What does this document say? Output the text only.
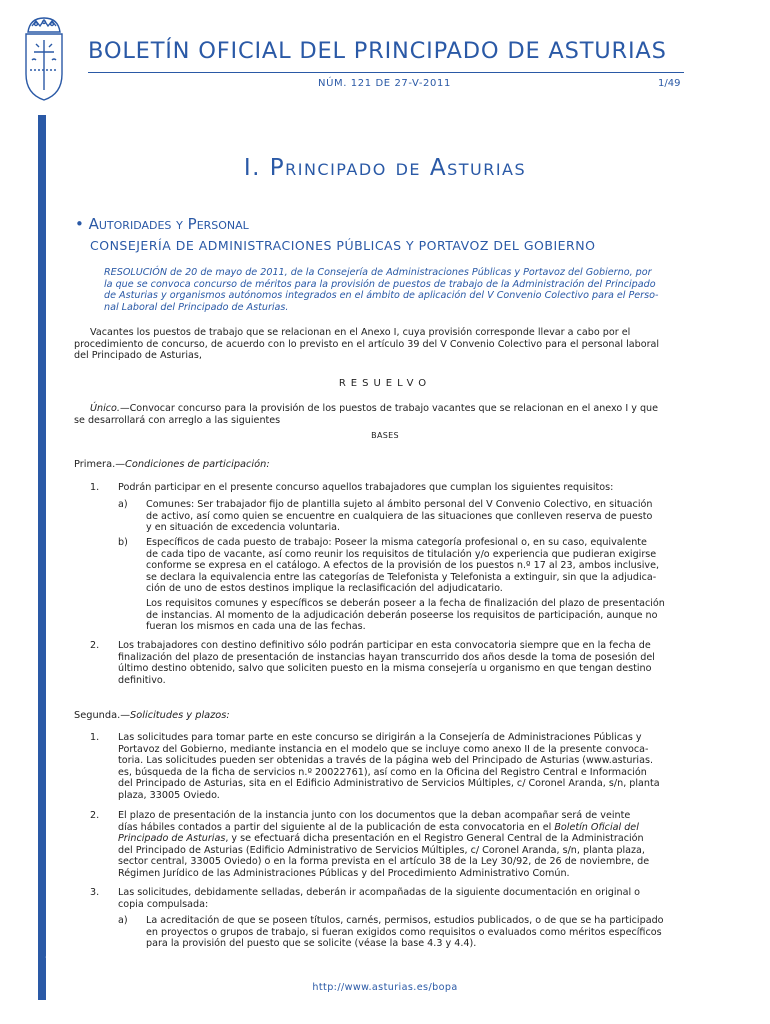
BOLETÍN OFICIAL DEL PRINCIPADO DE ASTURIAS
NÚM. 121 DE 27-V-2011	1/49
Cód. 2011-10640
I. Principado de Asturias
• Autoridades y Personal
CONSEJERÍA DE ADMINISTRACIONES PÚBLICAS Y PORTAVOZ DEL GOBIERNO
RESOLUCIÓN de 20 de mayo de 2011, de la Consejería de Administraciones Públicas y Portavoz del Gobierno, por
la que se convoca concurso de méritos para la provisión de puestos de trabajo de la Administración del Principado
de Asturias y organismos autónomos integrados en el ámbito de aplicación del V Convenio Colectivo para el Perso-
nal Laboral del Principado de Asturias.
Vacantes los puestos de trabajo que se relacionan en el Anexo I, cuya provisión corresponde llevar a cabo por el
procedimiento de concurso, de acuerdo con lo previsto en el artículo 39 del V Convenio Colectivo para el personal laboral
del Principado de Asturias,
RESUELVO
Único.—Convocar concurso para la provisión de los puestos de trabajo vacantes que se relacionan en el anexo I y que
se desarrollará con arreglo a las siguientes
BASES
Primera.—Condiciones de participación:
1. Podrán participar en el presente concurso aquellos trabajadores que cumplan los siguientes requisitos:
a) Comunes: Ser trabajador fijo de plantilla sujeto al ámbito personal del V Convenio Colectivo, en situación
de activo, así como quien se encuentre en cualquiera de las situaciones que conlleven reserva de puesto
y en situación de excedencia voluntaria.
b) Específicos de cada puesto de trabajo: Poseer la misma categoría profesional o, en su caso, equivalente
de cada tipo de vacante, así como reunir los requisitos de titulación y/o experiencia que pudieran exigirse
conforme se expresa en el catálogo. A efectos de la provisión de los puestos n.º 17 al 23, ambos inclusive,
se declara la equivalencia entre las categorías de Telefonista y Telefonista a extinguir, sin que la adjudica-
ción de uno de estos destinos implique la reclasificación del adjudicatario.
Los requisitos comunes y específicos se deberán poseer a la fecha de finalización del plazo de presentación
de instancias. Al momento de la adjudicación deberán poseerse los requisitos de participación, aunque no
fueran los mismos en cada una de las fechas.
2. Los trabajadores con destino definitivo sólo podrán participar en esta convocatoria siempre que en la fecha de
finalización del plazo de presentación de instancias hayan transcurrido dos años desde la toma de posesión del
último destino obtenido, salvo que soliciten puesto en la misma consejería u organismo en que tengan destino
definitivo.
Segunda.—Solicitudes y plazos:
1. Las solicitudes para tomar parte en este concurso se dirigirán a la Consejería de Administraciones Públicas y
Portavoz del Gobierno, mediante instancia en el modelo que se incluye como anexo II de la presente convoca-
toria. Las solicitudes pueden ser obtenidas a través de la página web del Principado de Asturias (www.asturias.
es, búsqueda de la ficha de servicios n.º 20022761), así como en la Oficina del Registro Central e Información
del Principado de Asturias, sita en el Edificio Administrativo de Servicios Múltiples, c/ Coronel Aranda, s/n, planta
plaza, 33005 Oviedo.
2. El plazo de presentación de la instancia junto con los documentos que la deban acompañar será de veinte
días hábiles contados a partir del siguiente al de la publicación de esta convocatoria en el Boletín Oficial del
Principado de Asturias, y se efectuará dicha presentación en el Registro General Central de la Administración
del Principado de Asturias (Edificio Administrativo de Servicios Múltiples, c/ Coronel Aranda, s/n, planta plaza,
sector central, 33005 Oviedo) o en la forma prevista en el artículo 38 de la Ley 30/92, de 26 de noviembre, de
Régimen Jurídico de las Administraciones Públicas y del Procedimiento Administrativo Común.
3. Las solicitudes, debidamente selladas, deberán ir acompañadas de la siguiente documentación en original o
copia compulsada:
a) La acreditación de que se poseen títulos, carnés, permisos, estudios publicados, o de que se ha participado
en proyectos o grupos de trabajo, si fueran exigidos como requisitos o evaluados como méritos específicos
para la provisión del puesto que se solicite (véase la base 4.3 y 4.4).
http://www.asturias.es/bopa
